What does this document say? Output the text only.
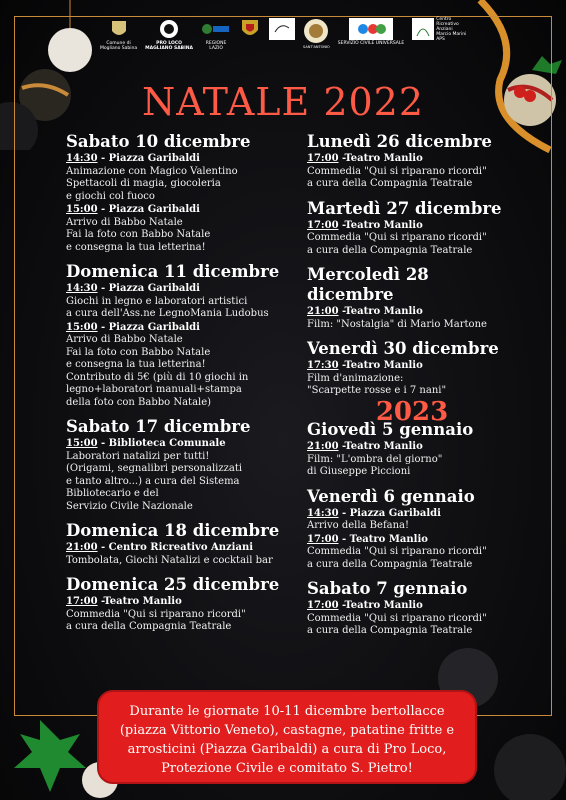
Comune di
Mogliano Sabina
PRO LOCO
MAGLIANO SABINA
REGIONE
LAZIO	SANT'ANTONIO
SERVIZIO CIVILE UNIVERSALE
Centro
Ricreativo
Anziani
Marcio Marini
APS
NATALE 2022
Sabato 10 dicembre
14:30 - Piazza Garibaldi
Animazione con Magico Valentino
Spettacoli di magia, giocoleria
e giochi col fuoco
15:00 - Piazza Garibaldi
Arrivo di Babbo Natale
Fai la foto con Babbo Natale
e consegna la tua letterina!
Domenica 11 dicembre
14:30 - Piazza Garibaldi
Giochi in legno e laboratori artistici
a cura dell'Ass.ne LegnoMania Ludobus
15:00 - Piazza Garibaldi
Arrivo di Babbo Natale
Fai la foto con Babbo Natale
e consegna la tua letterina!
Contributo di 5€ (più di 10 giochi in
legno+laboratori manuali+stampa
della foto con Babbo Natale)
Sabato 17 dicembre
15:00 - Biblioteca Comunale
Laboratori natalizi per tutti!
(Origami, segnalibri personalizzati
e tanto altro...) a cura del Sistema
Bibliotecario e del
Servizio Civile Nazionale
Domenica 18 dicembre
21:00 - Centro Ricreativo Anziani
Tombolata, Giochi Natalizi e cocktail bar
Domenica 25 dicembre
17:00 -Teatro Manlio
Commedia "Qui si riparano ricordi"
a cura della Compagnia Teatrale
Lunedì 26 dicembre
17:00 -Teatro Manlio
Commedia "Qui si riparano ricordi"
a cura della Compagnia Teatrale
Martedì 27 dicembre
17:00 -Teatro Manlio
Commedia "Qui si riparano ricordi"
a cura della Compagnia Teatrale
Mercoledì 28 dicembre
21:00 -Teatro Manlio
Film: "Nostalgia" di Mario Martone
Venerdì 30 dicembre
17:30 -Teatro Manlio
Film d'animazione:
"Scarpette rosse e i 7 nani"
2023
Giovedì 5 gennaio
21:00 -Teatro Manlio
Film: "L'ombra del giorno"
di Giuseppe Piccioni
Venerdì 6 gennaio
14:30 - Piazza Garibaldi
Arrivo della Befana!
17:00 - Teatro Manlio
Commedia "Qui si riparano ricordi"
a cura della Compagnia Teatrale
Sabato 7 gennaio
17:00 -Teatro Manlio
Commedia "Qui si riparano ricordi"
a cura della Compagnia Teatrale
Durante le giornate 10-11 dicembre bertollacce (piazza Vittorio Veneto), castagne, patatine fritte e arrosticini (Piazza Garibaldi) a cura di Pro Loco, Protezione Civile e comitato S. Pietro!
